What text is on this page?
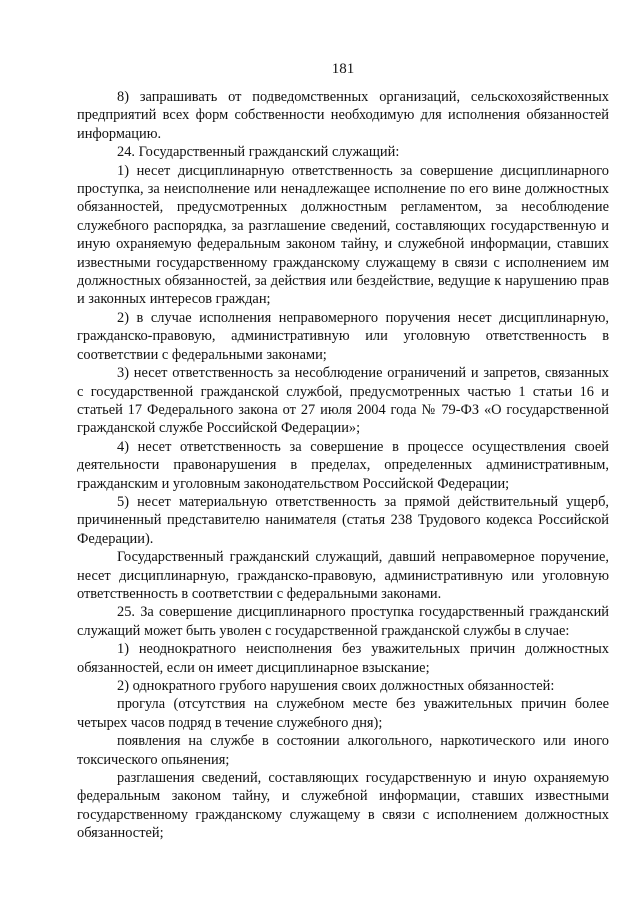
181

8) запрашивать от подведомственных организаций, сельскохозяйственных предприятий всех форм собственности необходимую для исполнения обязанностей информацию.

24. Государственный гражданский служащий:

1) несет дисциплинарную ответственность за совершение дисциплинарного проступка, за неисполнение или ненадлежащее исполнение по его вине должностных обязанностей, предусмотренных должностным регламентом, за несоблюдение служебного распорядка, за разглашение сведений, составляющих государственную и иную охраняемую федеральным законом тайну, и служебной информации, ставших известными государственному гражданскому служащему в связи с исполнением им должностных обязанностей, за действия или бездействие, ведущие к нарушению прав и законных интересов граждан;

2) в случае исполнения неправомерного поручения несет дисциплинарную, гражданско-правовую, административную или уголовную ответственность в соответствии с федеральными законами;

3) несет ответственность за несоблюдение ограничений и запретов, связанных с государственной гражданской службой, предусмотренных частью 1 статьи 16 и статьей 17 Федерального закона от 27 июля 2004 года № 79-ФЗ «О государственной гражданской службе Российской Федерации»;

4) несет ответственность за совершение в процессе осуществления своей деятельности правонарушения в пределах, определенных административным, гражданским и уголовным законодательством Российской Федерации;

5) несет материальную ответственность за прямой действительный ущерб, причиненный представителю нанимателя (статья 238 Трудового кодекса Российской Федерации).

Государственный гражданский служащий, давший неправомерное поручение, несет дисциплинарную, гражданско-правовую, административную или уголовную ответственность в соответствии с федеральными законами.

25. За совершение дисциплинарного проступка государственный гражданский служащий может быть уволен с государственной гражданской службы в случае:

1) неоднократного неисполнения без уважительных причин должностных обязанностей, если он имеет дисциплинарное взыскание;

2) однократного грубого нарушения своих должностных обязанностей:

прогула (отсутствия на служебном месте без уважительных причин более четырех часов подряд в течение служебного дня);

появления на службе в состоянии алкогольного, наркотического или иного токсического опьянения;

разглашения сведений, составляющих государственную и иную охраняемую федеральным законом тайну, и служебной информации, ставших известными государственному гражданскому служащему в связи с исполнением должностных обязанностей;
